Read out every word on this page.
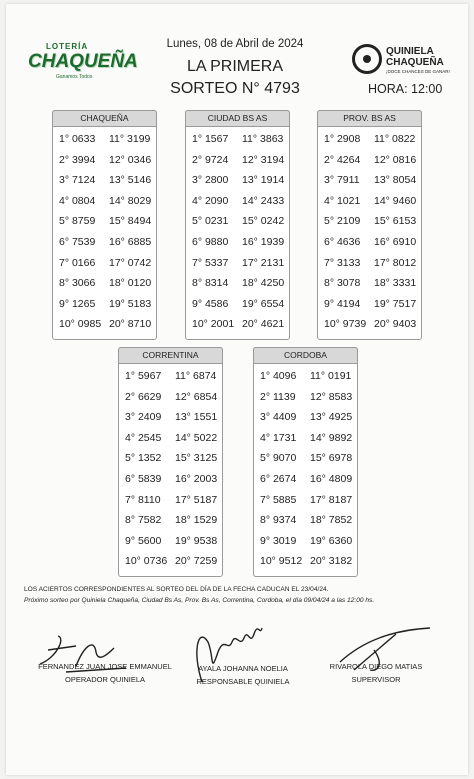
LOTERÍA
CHAQUEÑA
Ganamos Todos
QUINIELA
CHAQUEÑA
¡DOCE CHANCES DE GANAR!
Lunes, 08 de Abril de 2024
LA PRIMERA
SORTEO N° 4793	HORA: 12:00
CHAQUEÑA
1° 0633 11° 3199
2° 3994 12° 0346
3° 7124 13° 5146
4° 0804 14° 8029
5° 8759 15° 8494
6° 7539 16° 6885
7° 0166 17° 0742
8° 3066 18° 0120
9° 1265 19° 5183
10° 0985 20° 8710
CIUDAD BS AS
1° 1567 11° 3863
2° 9724 12° 3194
3° 2800 13° 1914
4° 2090 14° 2433
5° 0231 15° 0242
6° 9880 16° 1939
7° 5337 17° 2131
8° 8314 18° 4250
9° 4586 19° 6554
10° 2001 20° 4621
PROV. BS AS
1° 2908 11° 0822
2° 4264 12° 0816
3° 7911 13° 8054
4° 1021 14° 9460
5° 2109 15° 6153
6° 4636 16° 6910
7° 3133 17° 8012
8° 3078 18° 3331
9° 4194 19° 7517
10° 9739 20° 9403
CORRENTINA
1° 5967 11° 6874
2° 6629 12° 6854
3° 2409 13° 1551
4° 2545 14° 5022
5° 1352 15° 3125
6° 5839 16° 2003
7° 8110 17° 5187
8° 7582 18° 1529
9° 5600 19° 9538
10° 0736 20° 7259
CORDOBA
1° 4096 11° 0191
2° 1139 12° 8583
3° 4409 13° 4925
4° 1731 14° 9892
5° 9070 15° 6978
6° 2674 16° 4809
7° 5885 17° 8187
8° 9374 18° 7852
9° 3019 19° 6360
10° 9512 20° 3182
LOS ACIERTOS CORRESPONDIENTES AL SORTEO DEL DÍA DE LA FECHA CADUCAN EL 23/04/24.
Próximo sorteo por Quiniela Chaqueña, Ciudad Bs As, Prov. Bs As, Correntina, Cordoba, el día 09/04/24 a las 12:00 hs.
FERNANDEZ JUAN JOSE EMMANUEL
OPERADOR QUINIELA
AYALA JOHANNA NOELIA
RESPONSABLE QUINIELA
RIVAROLA DIEGO MATIAS
SUPERVISOR
